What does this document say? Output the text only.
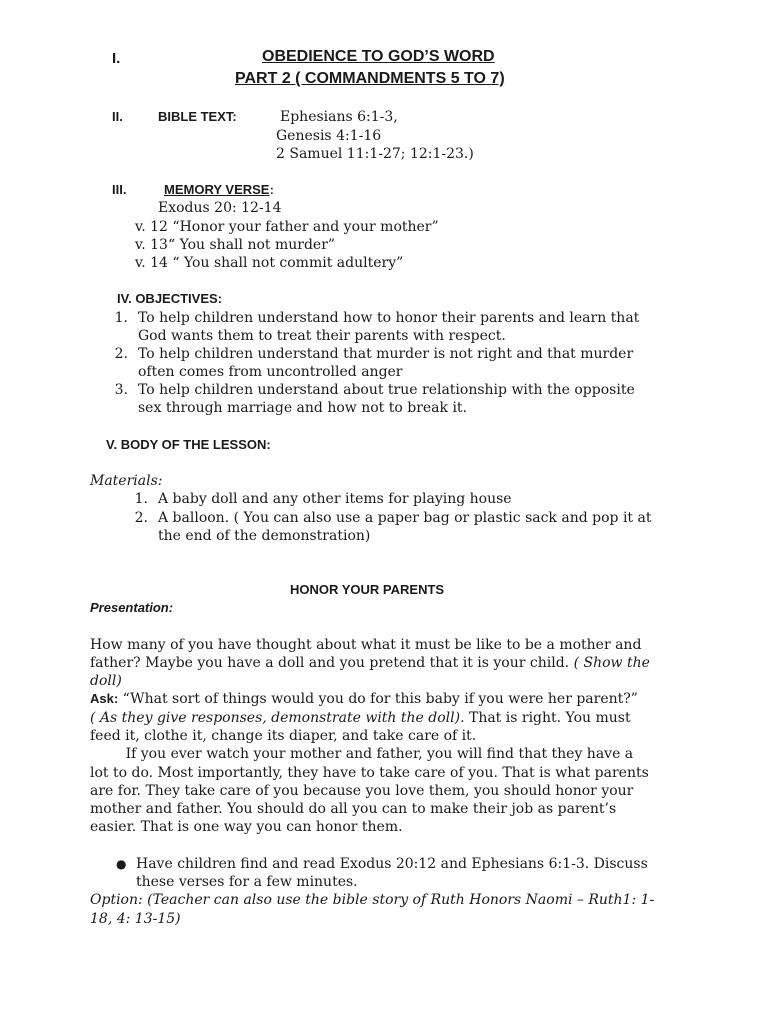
I.	OBEDIENCE TO GOD’S WORD
PART 2 ( COMMANDMENTS 5 TO 7)
II.	BIBLE TEXT:	Ephesians 6:1-3,
Genesis 4:1-16
2 Samuel 11:1-27; 12:1-23.)
III.	MEMORY VERSE:
Exodus 20: 12-14
v. 12 “Honor your father and your mother”
v. 13“ You shall not murder”
v. 14 “ You shall not commit adultery”
IV. OBJECTIVES:
1. To help children understand how to honor their parents and learn that
God wants them to treat their parents with respect.
2. To help children understand that murder is not right and that murder
often comes from uncontrolled anger
3. To help children understand about true relationship with the opposite
sex through marriage and how not to break it.
V. BODY OF THE LESSON:
Materials:
1. A baby doll and any other items for playing house
2. A balloon. ( You can also use a paper bag or plastic sack and pop it at
the end of the demonstration)
HONOR YOUR PARENTS
Presentation:
How many of you have thought about what it must be like to be a mother and
father? Maybe you have a doll and you pretend that it is your child. ( Show the
doll)
Ask: “What sort of things would you do for this baby if you were her parent?”
( As they give responses, demonstrate with the doll). That is right. You must
feed it, clothe it, change its diaper, and take care of it.
If you ever watch your mother and father, you will find that they have a
lot to do. Most importantly, they have to take care of you. That is what parents
are for. They take care of you because you love them, you should honor your
mother and father. You should do all you can to make their job as parent’s
easier. That is one way you can honor them.
● Have children find and read Exodus 20:12 and Ephesians 6:1-3. Discuss
these verses for a few minutes.
Option: (Teacher can also use the bible story of Ruth Honors Naomi – Ruth1: 1-
18, 4: 13-15)
